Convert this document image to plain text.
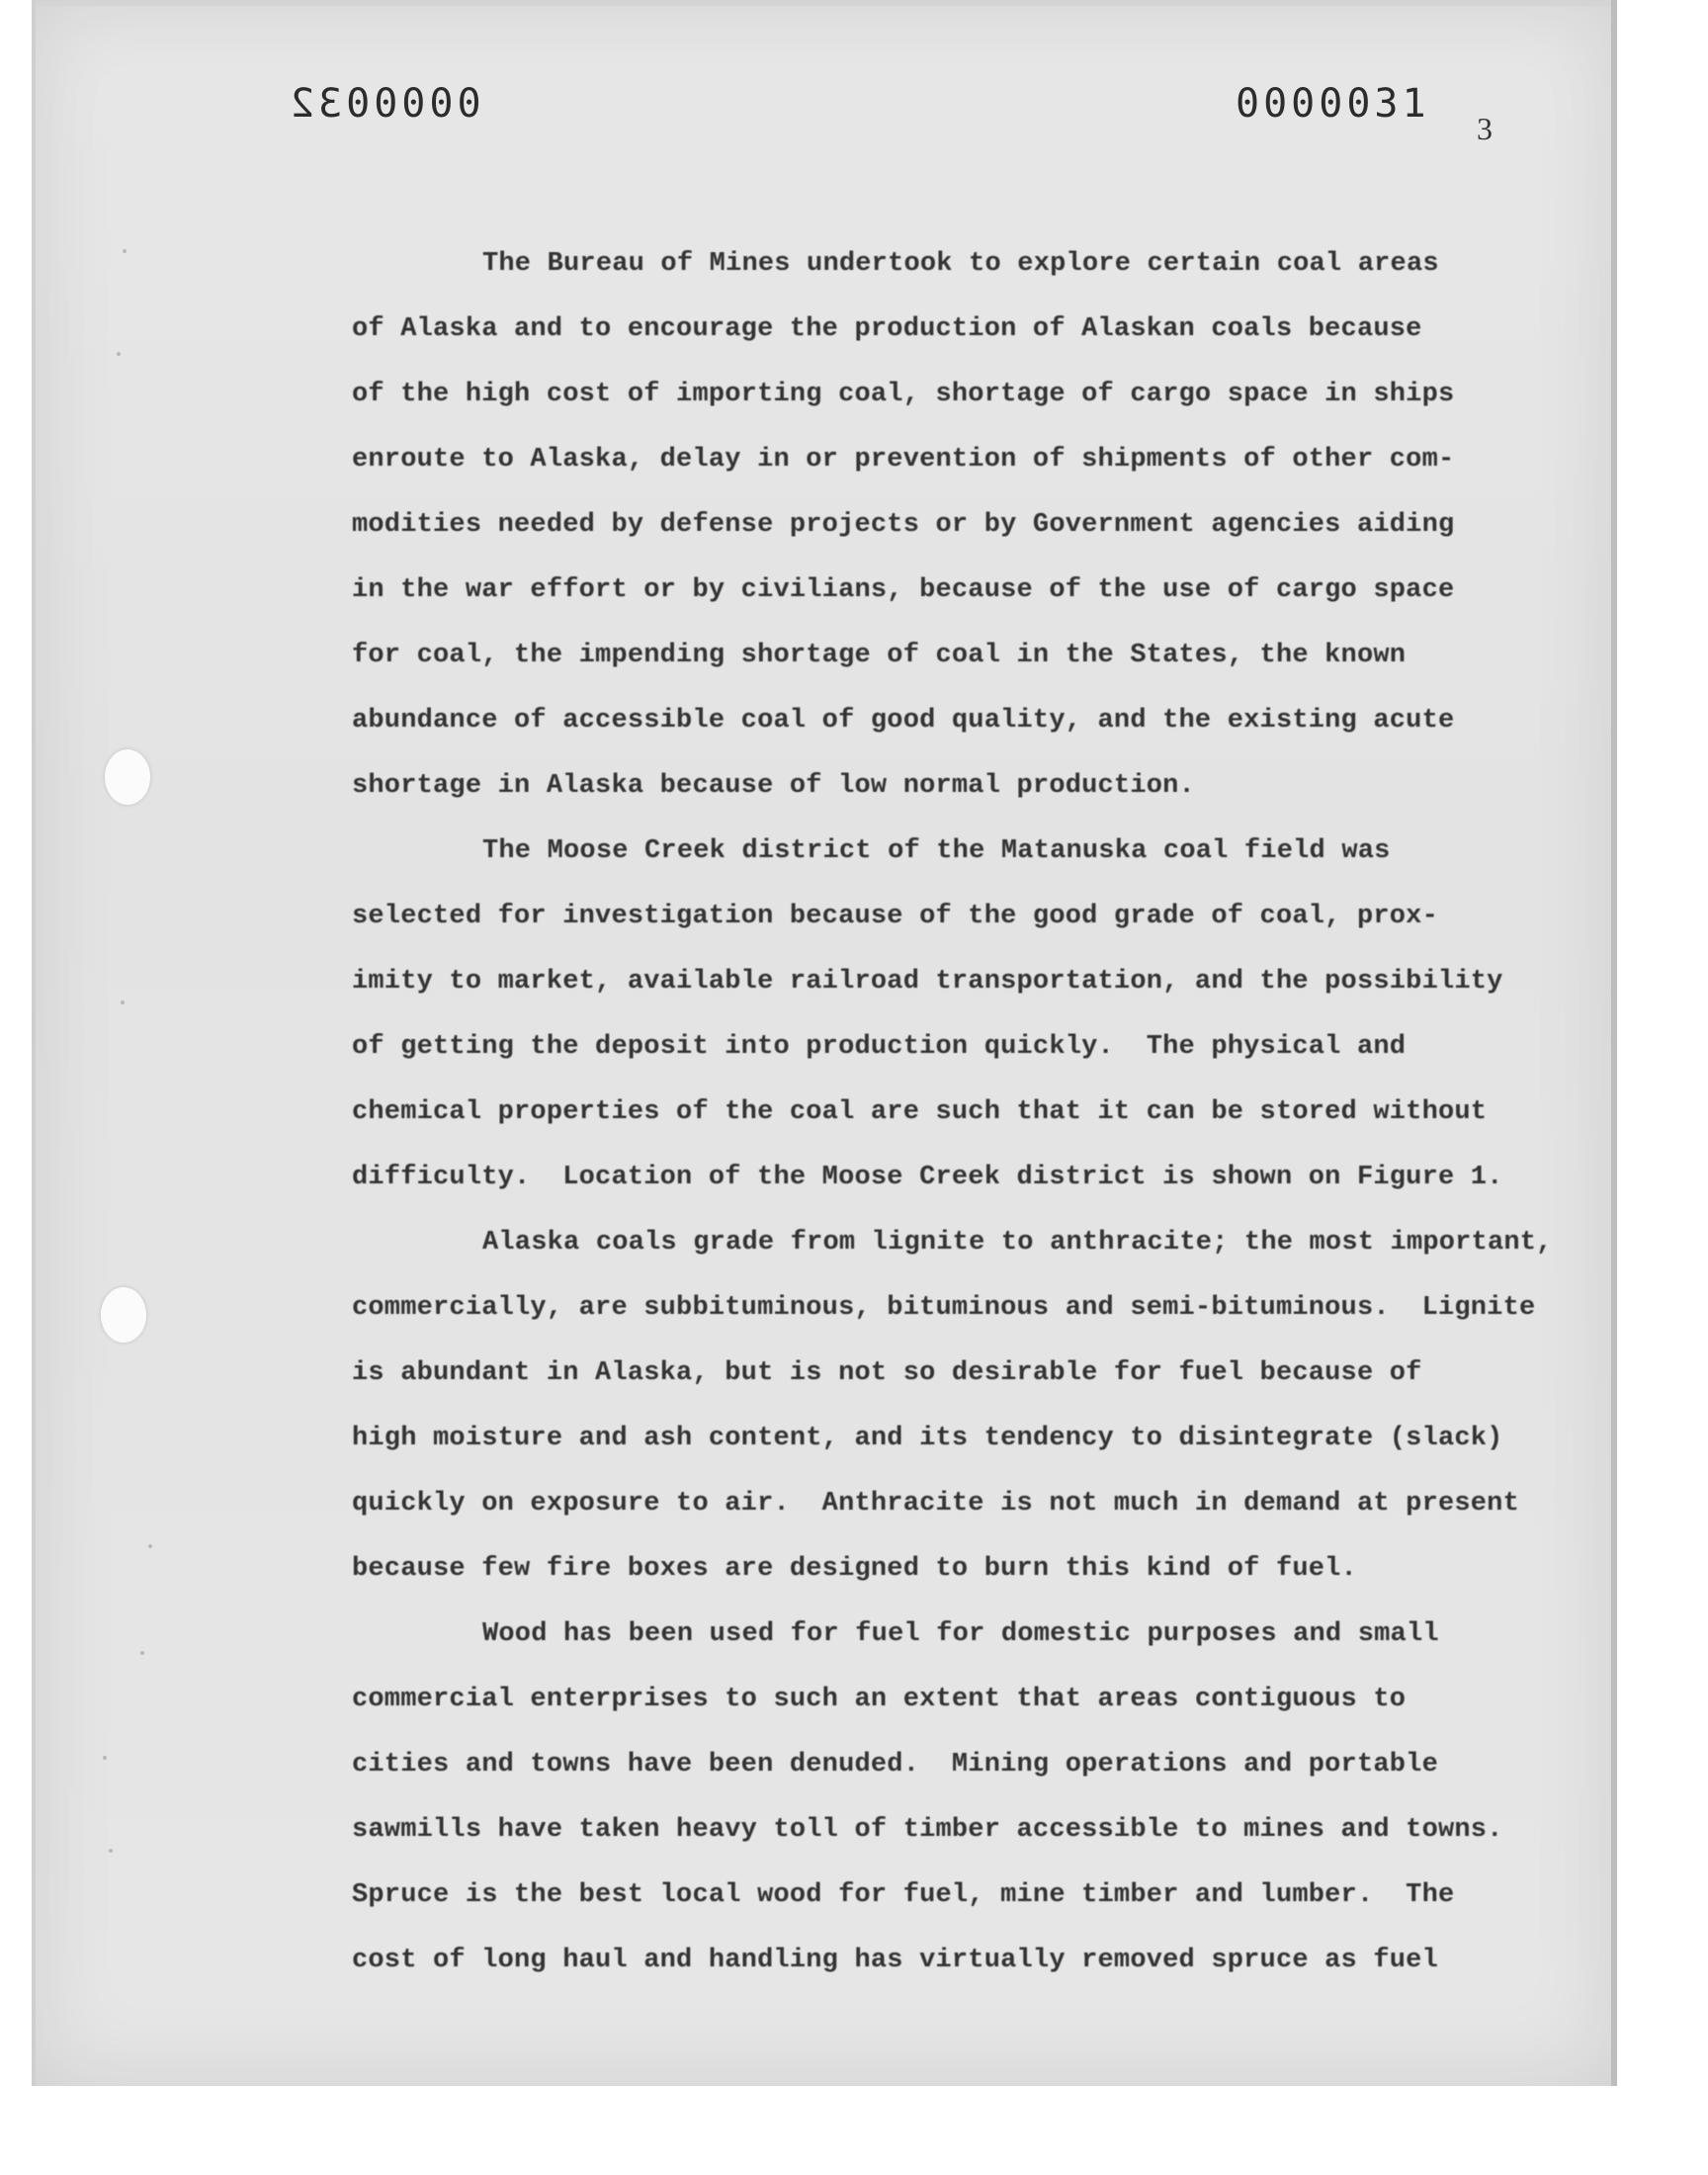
0000032	0000031
3
The Bureau of Mines undertook to explore certain coal areas
of Alaska and to encourage the production of Alaskan coals because
of the high cost of importing coal, shortage of cargo space in ships
enroute to Alaska, delay in or prevention of shipments of other com-
modities needed by defense projects or by Government agencies aiding
in the war effort or by civilians, because of the use of cargo space
for coal, the impending shortage of coal in the States, the known
abundance of accessible coal of good quality, and the existing acute
shortage in Alaska because of low normal production.
The Moose Creek district of the Matanuska coal field was
selected for investigation because of the good grade of coal, prox-
imity to market, available railroad transportation, and the possibility
of getting the deposit into production quickly.  The physical and
chemical properties of the coal are such that it can be stored without
difficulty.  Location of the Moose Creek district is shown on Figure 1.
Alaska coals grade from lignite to anthracite; the most important,
commercially, are subbituminous, bituminous and semi-bituminous.  Lignite
is abundant in Alaska, but is not so desirable for fuel because of
high moisture and ash content, and its tendency to disintegrate (slack)
quickly on exposure to air.  Anthracite is not much in demand at present
because few fire boxes are designed to burn this kind of fuel.
Wood has been used for fuel for domestic purposes and small
commercial enterprises to such an extent that areas contiguous to
cities and towns have been denuded.  Mining operations and portable
sawmills have taken heavy toll of timber accessible to mines and towns.
Spruce is the best local wood for fuel, mine timber and lumber.  The
cost of long haul and handling has virtually removed spruce as fuel
